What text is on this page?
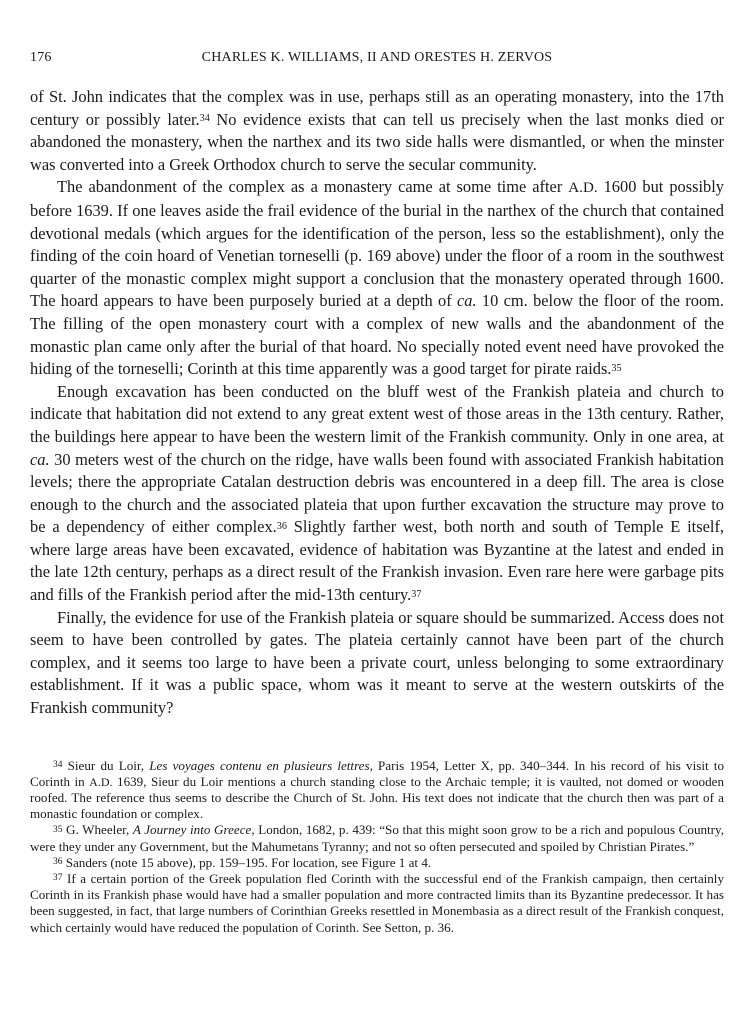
176	CHARLES K. WILLIAMS, II AND ORESTES H. ZERVOS

of St. John indicates that the complex was in use, perhaps still as an operating monastery, into the 17th century or possibly later.$^{34}$ No evidence exists that can tell us precisely when the last monks died or abandoned the monastery, when the narthex and its two side halls were dismantled, or when the minster was converted into a Greek Orthodox church to serve the secular community.

The abandonment of the complex as a monastery came at some time after A.D. 1600 but possibly before 1639. If one leaves aside the frail evidence of the burial in the narthex of the church that contained devotional medals (which argues for the identification of the person, less so the establishment), only the finding of the coin hoard of Venetian torneselli (p. 169 above) under the floor of a room in the southwest quarter of the monastic complex might support a conclusion that the monastery operated through 1600. The hoard appears to have been purposely buried at a depth of ca. 10 cm. below the floor of the room. The filling of the open monastery court with a complex of new walls and the abandonment of the monastic plan came only after the burial of that hoard. No specially noted event need have provoked the hiding of the torneselli; Corinth at this time apparently was a good target for pirate raids.$^{35}$

Enough excavation has been conducted on the bluff west of the Frankish plateia and church to indicate that habitation did not extend to any great extent west of those areas in the 13th century. Rather, the buildings here appear to have been the western limit of the Frankish community. Only in one area, at ca. 30 meters west of the church on the ridge, have walls been found with associated Frankish habitation levels; there the appropriate Catalan destruction debris was encountered in a deep fill. The area is close enough to the church and the associated plateia that upon further excavation the structure may prove to be a dependency of either complex.$^{36}$ Slightly farther west, both north and south of Temple E itself, where large areas have been excavated, evidence of habitation was Byzantine at the latest and ended in the late 12th century, perhaps as a direct result of the Frankish invasion. Even rare here were garbage pits and fills of the Frankish period after the mid-13th century.$^{37}$

Finally, the evidence for use of the Frankish plateia or square should be summarized. Access does not seem to have been controlled by gates. The plateia certainly cannot have been part of the church complex, and it seems too large to have been a private court, unless belonging to some extraordinary establishment. If it was a public space, whom was it meant to serve at the western outskirts of the Frankish community?

$^{34}$ Sieur du Loir, Les voyages contenu en plusieurs lettres, Paris 1954, Letter X, pp. 340–344. In his record of his visit to Corinth in A.D. 1639, Sieur du Loir mentions a church standing close to the Archaic temple; it is vaulted, not domed or wooden roofed. The reference thus seems to describe the Church of St. John. His text does not indicate that the church then was part of a monastic foundation or complex.

$^{35}$ G. Wheeler, A Journey into Greece, London, 1682, p. 439: “So that this might soon grow to be a rich and populous Country, were they under any Government, but the Mahumetans Tyranny; and not so often persecuted and spoiled by Christian Pirates.”

$^{36}$ Sanders (note 15 above), pp. 159–195. For location, see Figure 1 at 4.

$^{37}$ If a certain portion of the Greek population fled Corinth with the successful end of the Frankish campaign, then certainly Corinth in its Frankish phase would have had a smaller population and more contracted limits than its Byzantine predecessor. It has been suggested, in fact, that large numbers of Corinthian Greeks resettled in Monembasia as a direct result of the Frankish conquest, which certainly would have reduced the population of Corinth. See Setton, p. 36.
